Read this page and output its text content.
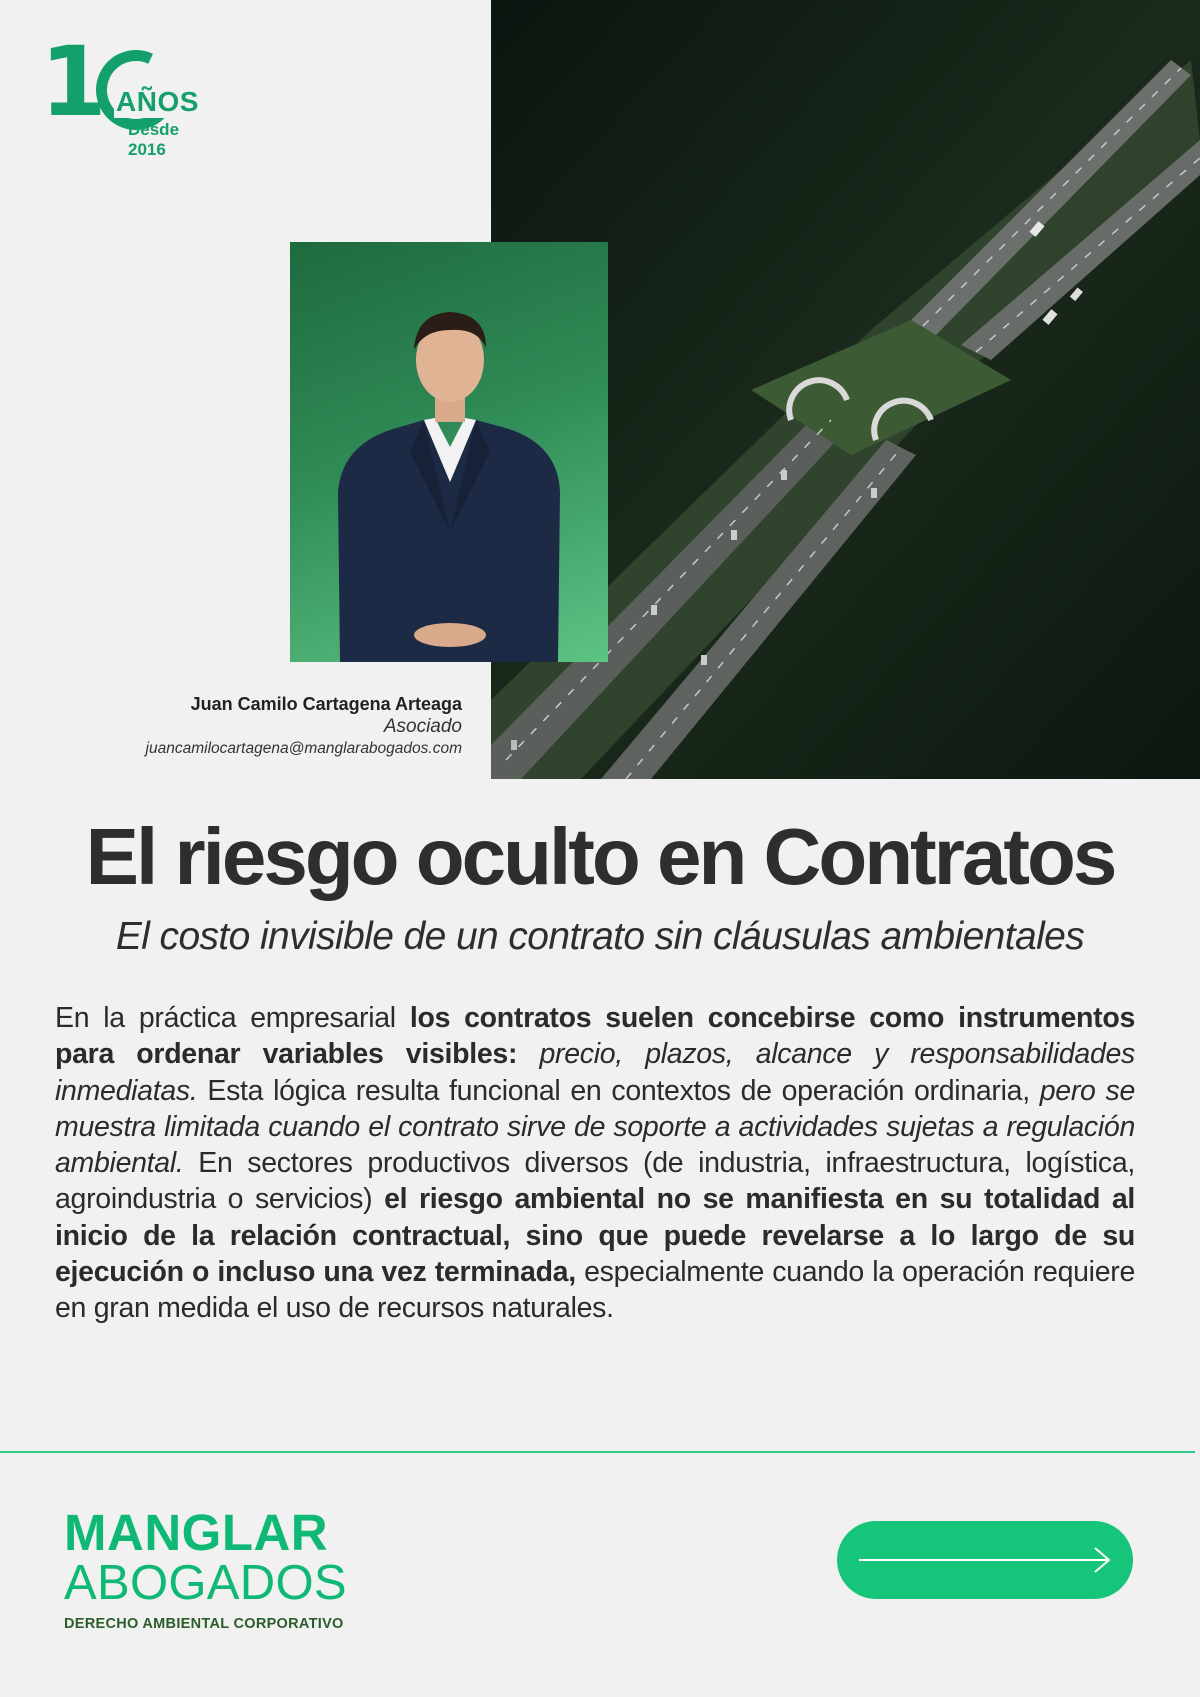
1 AÑOS
Desde 2016
Juan Camilo Cartagena Arteaga
Asociado
juancamilocartagena@manglarabogados.com
El riesgo oculto en Contratos
El costo invisible de un contrato sin cláusulas ambientales

En la práctica empresarial los contratos suelen concebirse como instrumentos para ordenar variables visibles: precio, plazos, alcance y responsabilidades inmediatas. Esta lógica resulta funcional en contextos de operación ordinaria, pero se muestra limitada cuando el contrato sirve de soporte a actividades sujetas a regulación ambiental. En sectores productivos diversos (de industria, infraestructura, logística, agroindustria o servicios) el riesgo ambiental no se manifiesta en su totalidad al inicio de la relación contractual, sino que puede revelarse a lo largo de su ejecución o incluso una vez terminada, especialmente cuando la operación requiere en gran medida el uso de recursos naturales.

MANGLAR
ABOGADOS
DERECHO AMBIENTAL CORPORATIVO
